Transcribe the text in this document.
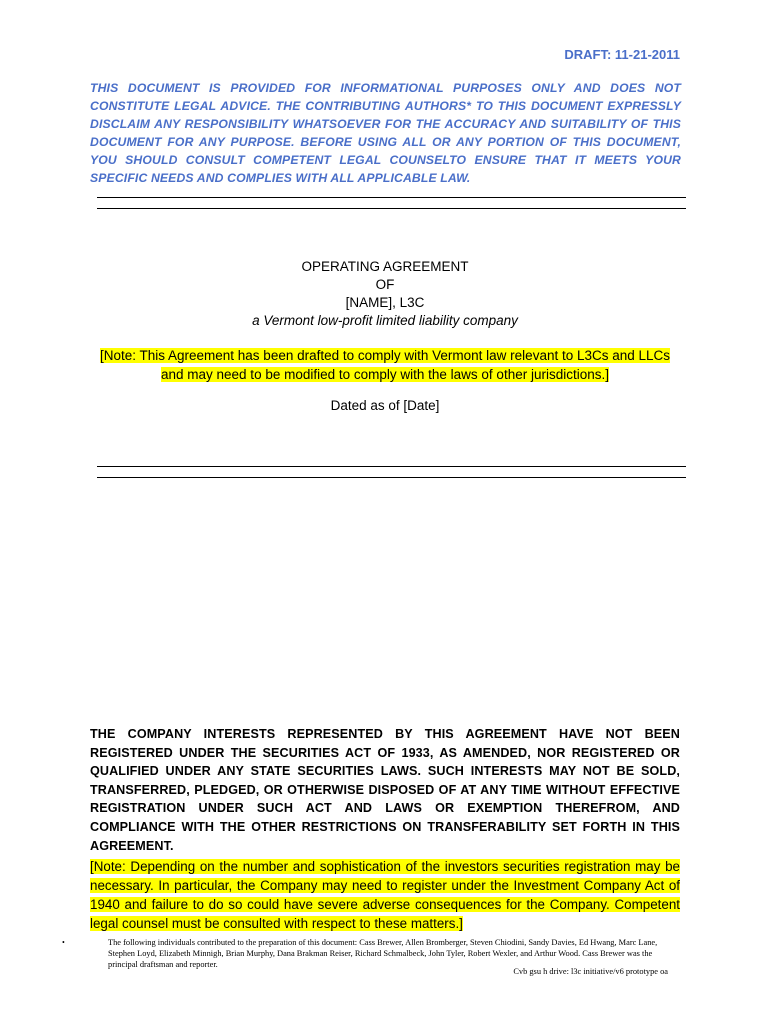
DRAFT: 11-21-2011
THIS DOCUMENT IS PROVIDED FOR INFORMATIONAL PURPOSES ONLY AND DOES NOT CONSTITUTE LEGAL ADVICE. THE CONTRIBUTING AUTHORS* TO THIS DOCUMENT EXPRESSLY DISCLAIM ANY RESPONSIBILITY WHATSOEVER FOR THE ACCURACY AND SUITABILITY OF THIS DOCUMENT FOR ANY PURPOSE. BEFORE USING ALL OR ANY PORTION OF THIS DOCUMENT, YOU SHOULD CONSULT COMPETENT LEGAL COUNSELTO ENSURE THAT IT MEETS YOUR SPECIFIC NEEDS AND COMPLIES WITH ALL APPLICABLE LAW.
OPERATING AGREEMENT
OF
[NAME], L3C
a Vermont low-profit limited liability company
[Note: This Agreement has been drafted to comply with Vermont law relevant to L3Cs and LLCs
and may need to be modified to comply with the laws of other jurisdictions.]
Dated as of [Date]
THE COMPANY INTERESTS REPRESENTED BY THIS AGREEMENT HAVE NOT BEEN REGISTERED UNDER THE SECURITIES ACT OF 1933, AS AMENDED, NOR REGISTERED OR QUALIFIED UNDER ANY STATE SECURITIES LAWS. SUCH INTERESTS MAY NOT BE SOLD, TRANSFERRED, PLEDGED, OR OTHERWISE DISPOSED OF AT ANY TIME WITHOUT EFFECTIVE REGISTRATION UNDER SUCH ACT AND LAWS OR EXEMPTION THEREFROM, AND COMPLIANCE WITH THE OTHER RESTRICTIONS ON TRANSFERABILITY SET FORTH IN THIS AGREEMENT.
[Note: Depending on the number and sophistication of the investors securities registration may be necessary. In particular, the Company may need to register under the Investment Company Act of 1940 and failure to do so could have severe adverse consequences for the Company. Competent legal counsel must be consulted with respect to these matters.]
•	The following individuals contributed to the preparation of this document: Cass Brewer, Allen Bromberger, Steven Chiodini, Sandy Davies, Ed Hwang, Marc Lane, Stephen Loyd, Elizabeth Minnigh, Brian Murphy, Dana Brakman Reiser, Richard Schmalbeck, John Tyler, Robert Wexler, and Arthur Wood. Cass Brewer was the principal draftsman and reporter.
Cvb gsu h drive: l3c initiative/v6 prototype oa
